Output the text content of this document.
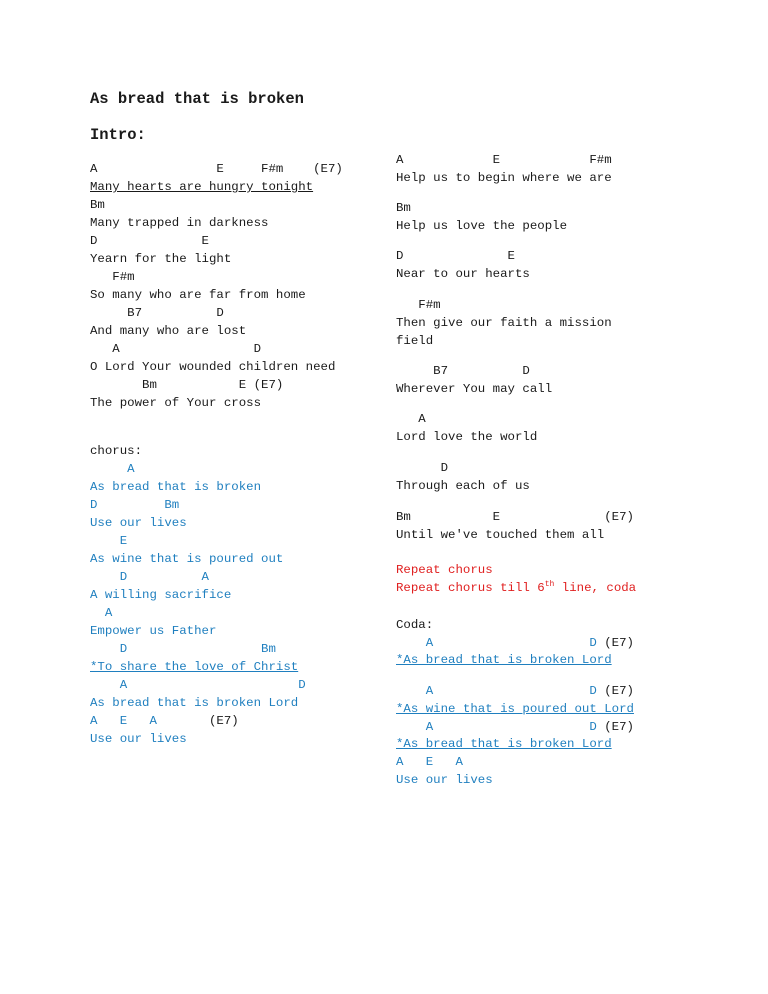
As bread that is broken
Intro:
A                E     F#m    (E7)
Many hearts are hungry tonight
Bm
Many trapped in darkness
D              E
Yearn for the light
F#m
So many who are far from home
B7          D
And many who are lost
A                  D
O Lord Your wounded children need
Bm           E (E7)
The power of Your cross
chorus:
A
As bread that is broken
D         Bm
Use our lives
E
As wine that is poured out
D          A
A willing sacrifice
A
Empower us Father
D                  Bm
*To share the love of Christ
A                       D
As bread that is broken Lord
A   E   A       (E7)
Use our lives
A            E            F#m
Help us to begin where we are
Bm
Help us love the people
D              E
Near to our hearts
F#m
Then give our faith a mission
field
B7          D
Wherever You may call
A
Lord love the world
D
Through each of us
Bm           E              (E7)
Until we've touched them all
Repeat chorus
Repeat chorus till 6th line, coda
Coda:
A                     D (E7)
*As bread that is broken Lord
A                     D (E7)
*As wine that is poured out Lord
A                     D (E7)
*As bread that is broken Lord
A   E   A
Use our lives
